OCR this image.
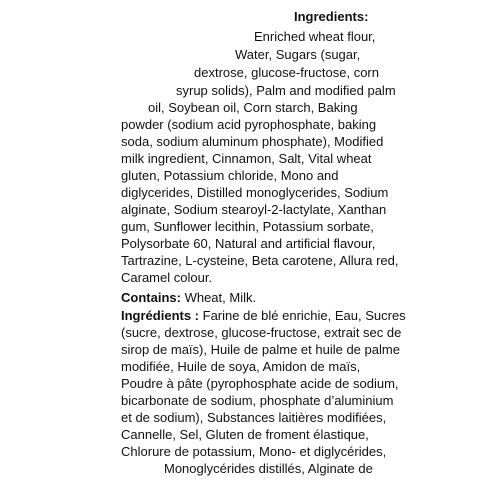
Ingredients:
Enriched wheat flour,
Water, Sugars (sugar,
dextrose, glucose-fructose, corn
syrup solids), Palm and modified palm
oil, Soybean oil, Corn starch, Baking
powder (sodium acid pyrophosphate, baking
soda, sodium aluminum phosphate), Modified
milk ingredient, Cinnamon, Salt, Vital wheat
gluten, Potassium chloride, Mono and
diglycerides, Distilled monoglycerides, Sodium
alginate, Sodium stearoyl-2-lactylate, Xanthan
gum, Sunflower lecithin, Potassium sorbate,
Polysorbate 60, Natural and artificial flavour,
Tartrazine, L-cysteine, Beta carotene, Allura red,
Caramel colour.
Contains: Wheat, Milk.
Ingrédients : Farine de blé enrichie, Eau, Sucres
(sucre, dextrose, glucose-fructose, extrait sec de
sirop de maïs), Huile de palme et huile de palme
modifiée, Huile de soya, Amidon de maïs,
Poudre à pâte (pyrophosphate acide de sodium,
bicarbonate de sodium, phosphate d’aluminium
et de sodium), Substances laitières modifiées,
Cannelle, Sel, Gluten de froment élastique,
Chlorure de potassium, Mono- et diglycérides,
Monoglycérides distillés, Alginate de
